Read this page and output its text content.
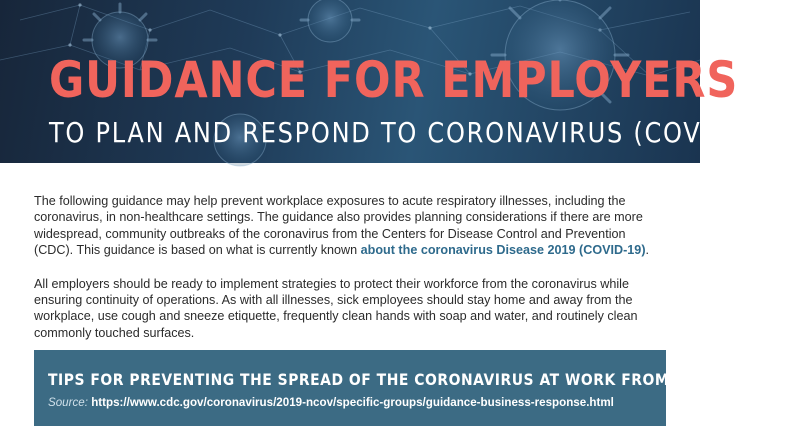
GUIDANCE FOR EMPLOYERS
TO PLAN AND RESPOND TO CORONAVIRUS (COVID-19)

The following guidance may help prevent workplace exposures to acute respiratory illnesses, including the coronavirus, in non-healthcare settings. The guidance also provides planning considerations if there are more widespread, community outbreaks of the coronavirus from the Centers for Disease Control and Prevention (CDC). This guidance is based on what is currently known about the coronavirus Disease 2019 (COVID-19).

All employers should be ready to implement strategies to protect their workforce from the coronavirus while ensuring continuity of operations. As with all illnesses, sick employees should stay home and away from the workplace, use cough and sneeze etiquette, frequently clean hands with soap and water, and routinely clean commonly touched surfaces.

TIPS FOR PREVENTING THE SPREAD OF THE CORONAVIRUS AT WORK FROM THE CDC
Source: https://www.cdc.gov/coronavirus/2019-ncov/specific-groups/guidance-business-response.html
